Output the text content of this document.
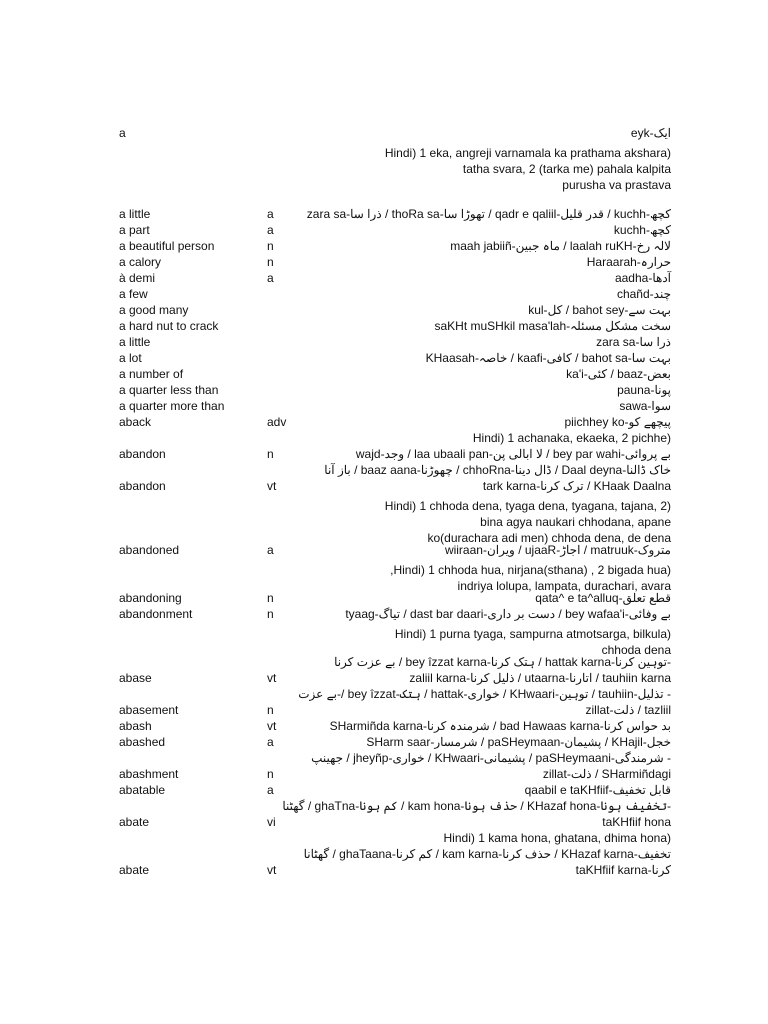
a	eyk-ایک
Hindi) 1 eka, angreji varnamala ka prathama akshara)
tatha svara, 2 (tarka me) pahala kalpita
purusha va prastava
a little	a	zara sa-ذرا سا / thoRa sa-تھوڑا سا / qadr e qaliil-قدر قلیل / kuchh-کچھ
a part	a	kuchh-کچھ
a beautiful person	n	maah jabiiñ-ماہ جبین / laalah ruKH-لالہ رخ
a calory	n	Haraarah-حرارہ
à demi	a	aadha-آدھا
a few	chañd-چند
a good many	kul-کل / bahot sey-بہت سے
a hard nut to crack	saKHt muSHkil masa'lah-سخت مشکل مسئلہ
a little	zara sa-ذرا سا
a lot	KHaasah-خاصہ / kaafi-کافی / bahot sa-بہت سا
a number of	ka'i-کئی / baaz-بعض
a quarter less than	pauna-پونا
a quarter more than	sawa-سوا
aback	adv	piichhey ko-پیچھے کو
Hindi) 1 achanaka, ekaeka, 2 pichhe)
abandon	n	wajd-وجد / laa ubaali pan-لا ابالی پن / bey par wahi-بے پروائی
باز آنا / baaz aana-چھوڑنا / chhoRna-ڈال دینا / Daal deyna-خاک ڈالنا
abandon	vt	tark karna-ترک کرنا / KHaak Daalna
Hindi) 1 chhoda dena, tyaga dena, tyagana, tajana, 2)
bina agya naukari chhodana, apane
ko(durachara adi men) chhoda dena, de dena
abandoned	a	wiiraan-ویران / ujaaR-اجاڑ / matruuk-متروک
,Hindi) 1 chhoda hua, nirjana(sthana) , 2 bigada hua)
indriya lolupa, lampata, durachari, avara
abandoning	n	qata^ e ta^alluq-قطع تعلق
abandonment	n	tyaag-تیاگ / dast bar daari-دست بر داری / bey wafaa'i-بے وفائی
Hindi) 1 purna tyaga, sampurna atmotsarga, bilkula)
chhoda dena
بے عزت کرنا / bey îzzat karna-ہتک کرنا / hattak karna-توہین کرنا-
abase	vt	zaliil karna-ذلیل کرنا / utaarna-اتارنا / tauhiin karna
بے عزت-/ bey îzzat-ہتک / hattak-خواری / KHwaari-توہین / tauhiin-تذلیل -
abasement	n	zillat-ذلت / tazliil
abash	vt	SHarmiñda karna-شرمندہ کرنا / bad Hawaas karna-بد حواس کرنا
abashed	a	SHarm saar-شرمسار / paSHeymaan-پشیمان / KHajil-خجل
جھینپ / jheyñp-خواری / KHwaari-پشیمانی / paSHeymaani-شرمندگی -
abashment	n	zillat-ذلت / SHarmiñdagi
abatable	a	qaabil e taKHfiif-قابل تخفیف
گھٹنا / ghaTna-کم ہونا / kam hona-حذف ہونا / KHazaf hona-تخفیف ہونا-
abate	vi	taKHfiif hona
Hindi) 1 kama hona, ghatana, dhima hona)
گھٹانا / ghaTaana-کم کرنا / kam karna-حذف کرنا / KHazaf karna-تخفیف
abate	vt	taKHfiif karna-کرنا
